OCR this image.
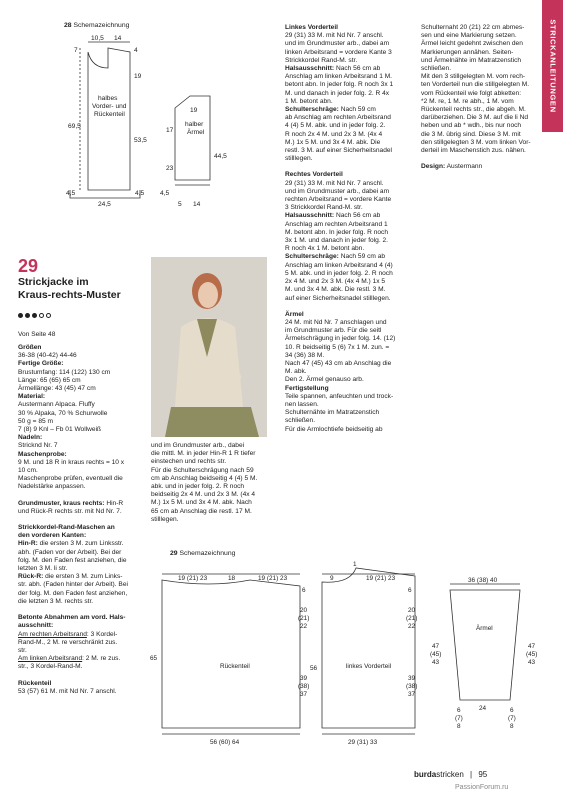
STRICKANLEITUNGEN
28 Schemazeichnung
10,5 14
7	4
19
69,5
53,5
4,5	4,5
24,5
halbes
Vorder- und
Rückenteil
19
17
23
44,5
4,5
5 14
halber
Ärmel
29
Strickjacke im
Kraus-rechts-Muster
Von Seite 48

Größen

36-38 (40-42) 44-46

Fertige Größe:

Brustumfang: 114 (122) 130 cm

Länge: 65 (65) 65 cm

Ärmellänge: 43 (45) 47 cm

Material:

Austermann Alpaca. Fluffy

30 % Alpaka, 70 % Schurwolle

50 g = 85 m

7 (8) 9 Knl – Fb 01 Wollweiß

Nadeln:

Stricknd Nr. 7

Maschenprobe:

9 M. und 18 R in kraus rechts = 10 x

10 cm.

Maschenprobe prüfen, eventuell die

Nadelstärke anpassen.

Grundmuster, kraus rechts: Hin-R

und Rück-R rechts str. mit Nd Nr. 7.

Strickkordel-Rand-Maschen an

den vorderen Kanten:

Hin-R: die ersten 3 M. zum Linksstr.

abh. (Faden vor der Arbeit). Bei der

folg. M. den Faden fest anziehen, die

letzten 3 M. li str.

Rück-R: die ersten 3 M. zum Links-

str. abh. (Faden hinter der Arbeit). Bei

der folg. M. den Faden fest anziehen,

die letzten 3 M. rechts str.

Betonte Abnahmen am vord. Hals-

ausschnitt:

Am rechten Arbeitsrand: 3 Kordel-

Rand-M., 2 M. re verschränkt zus.

str.

Am linken Arbeitsrand: 2 M. re zus.

str., 3 Kordel-Rand-M.

Rückenteil

53 (57) 61 M. mit Nd Nr. 7 anschl.

und im Grundmuster arb., dabei

die mittl. M. in jeder Hin-R 1 R tiefer

einstechen und rechts str.

Für die Schulterschrägung nach 59

cm ab Anschlag beidseitig 4 (4) 5 M.

abk. und in jeder folg. 2. R noch

beidseitig 2x 4 M. und 2x 3 M. (4x 4

M.) 1x 5 M. und 3x 4 M. abk. Nach

65 cm ab Anschlag die restl. 17 M.

stilllegen.

Linkes Vorderteil

29 (31) 33 M. mit Nd Nr. 7 anschl.

und im Grundmuster arb., dabei am

linken Arbeitsrand = vordere Kante 3

Strickkordel Rand-M. str.

Halsausschnitt: Nach 56 cm ab

Anschlag am linken Arbeitsrand 1 M.

betont abn. In jeder folg. R noch 3x 1

M. und danach in jeder folg. 2. R 4x

1 M. betont abn.

Schulterschräge: Nach 59 cm

ab Anschlag am rechten Arbeitsrand

4 (4) 5 M. abk. und in jeder folg. 2.

R noch 2x 4 M. und 2x 3 M. (4x 4

M.) 1x 5 M. und 3x 4 M. abk. Die

restl. 3 M. auf einer Sicherheitsnadel

stilllegen.

Rechtes Vorderteil

29 (31) 33 M. mit Nd Nr. 7 anschl.

und im Grundmuster arb., dabei am

rechten Arbeitsrand = vordere Kante

3 Strickkordel Rand-M. str.

Halsausschnitt: Nach 56 cm ab

Anschlag am rechten Arbeitsrand 1

M. betont abn. In jeder folg. R noch

3x 1 M. und danach in jeder folg. 2.

R noch 4x 1 M. betont abn.

Schulterschräge: Nach 59 cm ab

Anschlag am linken Arbeitsrand 4 (4)

5 M. abk. und in jeder folg. 2. R noch

2x 4 M. und 2x 3 M. (4x 4 M.) 1x 5

M. und 3x 4 M. abk. Die restl. 3 M.

auf einer Sicherheitsnadel stilllegen.

Ärmel

24 M. mit Nd Nr. 7 anschlagen und

im Grundmuster arb. Für die seitl

Ärmelschrägung in jeder folg. 14. (12)

10. R beidseitig 5 (6) 7x 1 M. zun. =

34 (36) 38 M.

Nach 47 (45) 43 cm ab Anschlag die

M. abk.

Den 2. Ärmel genauso arb.

Fertigstellung

Teile spannen, anfeuchten und trock-

nen lassen.

Schulternähte im Matratzenstich

schließen.

Für die Armlochtiefe beidseitig ab

Schulternaht 20 (21) 22 cm abmes-

sen und eine Markierung setzen.

Ärmel leicht gedehnt zwischen den

Markierungen annähen. Seiten-

und Ärmelnähte im Matratzenstich

schließen.

Mit den 3 stillgelegten M. vom rech-

ten Vorderteil nun die stillgelegten M.

vom Rückenteil wie folgt abketten:

*2 M. re, 1 M. re abh., 1 M. vom

Rückenteil rechts str., die abgeh. M.

darüberziehen. Die 3 M. auf die li Nd

heben und ab * wdh., bis nur noch

die 3 M. übrig sind. Diese 3 M. mit

den stillgelegten 3 M. vom linken Vor-

derteil im Maschenstich zus. nähen.

Design: Austermann

29 Schemazeichnung
19 (21) 23	18	19 (21) 23
6
20
(21)
22
65
39
(38)
37
56 (60) 64
Rückenteil
1
9	19 (21) 23
6
20
(21)
22
56
39
(38)
37
29 (31) 33
linkes Vorderteil
36 (38) 40
47
(45)
43
47
(45)
43
6
(7)
8
24	6
(7)
8
Ärmel
burdastricken | 95
PassionForum.ru
